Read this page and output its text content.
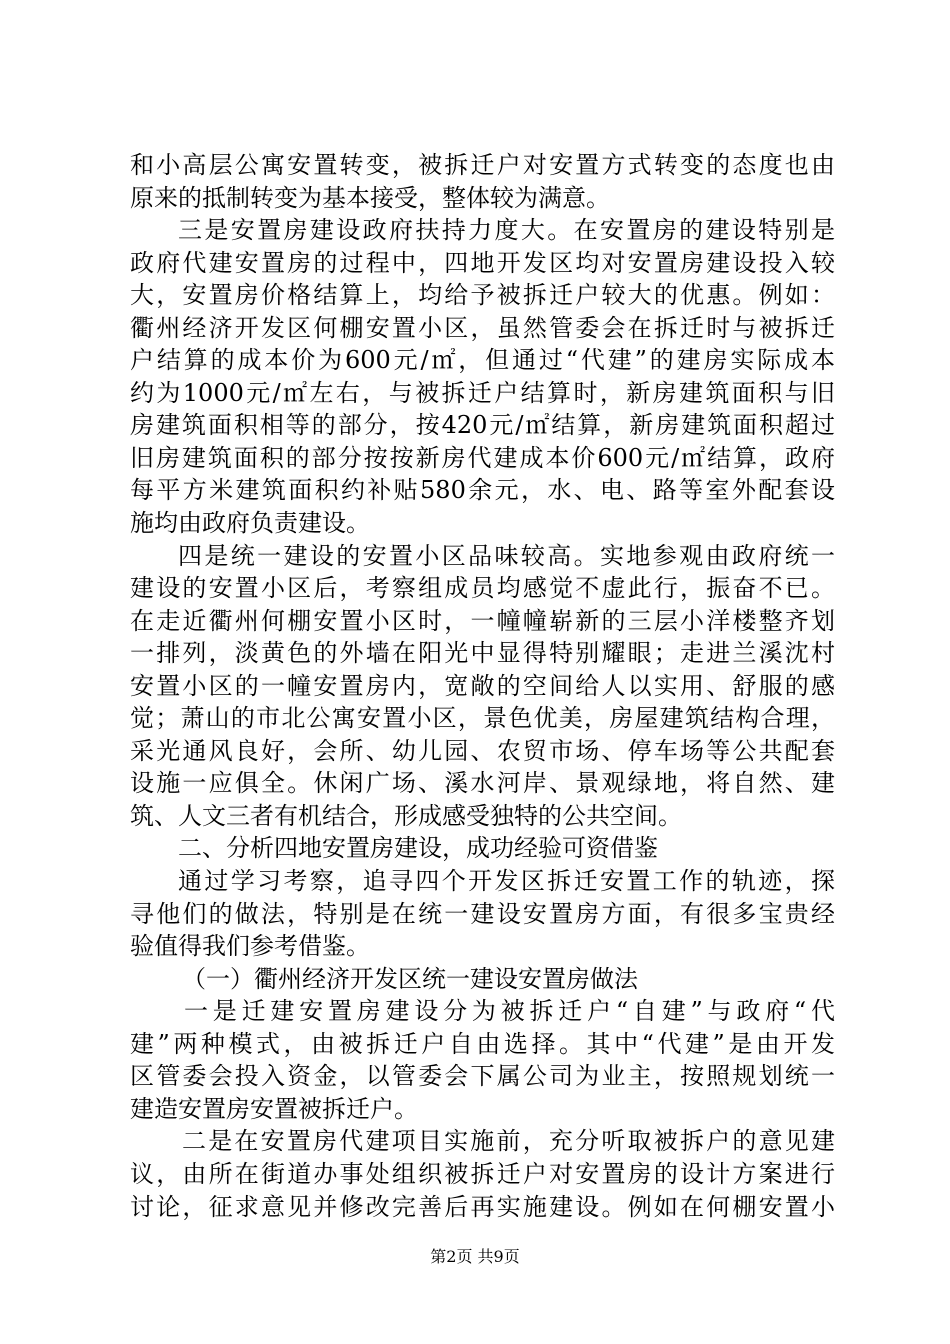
和小高层公寓安置转变，被拆迁户对安置方式转变的态度也由
原来的抵制转变为基本接受，整体较为满意。
三是安置房建设政府扶持力度大。在安置房的建设特别是
政府代建安置房的过程中，四地开发区均对安置房建设投入较
大，安置房价格结算上，均给予被拆迁户较大的优惠。例如：
衢州经济开发区何棚安置小区，虽然管委会在拆迁时与被拆迁
户结算的成本价为600元/㎡，但通过“代建”的建房实际成本
约为1000元/㎡左右，与被拆迁户结算时，新房建筑面积与旧
房建筑面积相等的部分，按420元/㎡结算，新房建筑面积超过
旧房建筑面积的部分按按新房代建成本价600元/㎡结算，政府
每平方米建筑面积约补贴580余元，水、电、路等室外配套设
施均由政府负责建设。
四是统一建设的安置小区品味较高。实地参观由政府统一
建设的安置小区后，考察组成员均感觉不虚此行，振奋不已。
在走近衢州何棚安置小区时，一幢幢崭新的三层小洋楼整齐划
一排列，淡黄色的外墙在阳光中显得特别耀眼；走进兰溪沈村
安置小区的一幢安置房内，宽敞的空间给人以实用、舒服的感
觉；萧山的市北公寓安置小区，景色优美，房屋建筑结构合理，
采光通风良好，会所、幼儿园、农贸市场、停车场等公共配套
设施一应俱全。休闲广场、溪水河岸、景观绿地，将自然、建
筑、人文三者有机结合，形成感受独特的公共空间。
二、分析四地安置房建设，成功经验可资借鉴
通过学习考察，追寻四个开发区拆迁安置工作的轨迹，探
寻他们的做法，特别是在统一建设安置房方面，有很多宝贵经
验值得我们参考借鉴。
（一）衢州经济开发区统一建设安置房做法
一是迁建安置房建设分为被拆迁户“自建”与政府“代
建”两种模式，由被拆迁户自由选择。其中“代建”是由开发
区管委会投入资金，以管委会下属公司为业主，按照规划统一
建造安置房安置被拆迁户。
二是在安置房代建项目实施前，充分听取被拆户的意见建
议，由所在街道办事处组织被拆迁户对安置房的设计方案进行
讨论，征求意见并修改完善后再实施建设。例如在何棚安置小
第2页 共9页
